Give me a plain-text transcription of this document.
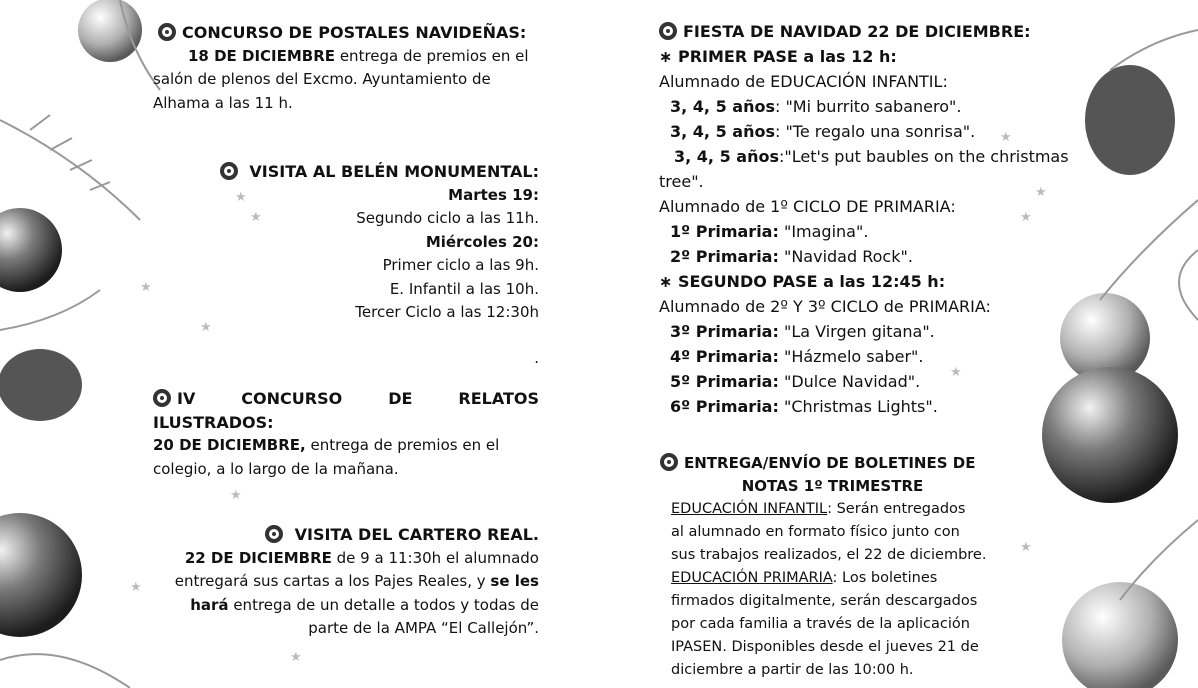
★
★
★
★
★
★
★
★
★
★
★
★
CONCURSO DE POSTALES NAVIDEÑAS:
18 DE DICIEMBRE entrega de premios en el
salón de plenos del Excmo. Ayuntamiento de
Alhama a las 11 h.
VISITA AL BELÉN MONUMENTAL:
Martes 19:
Segundo ciclo a las 11h.
Miércoles 20:
Primer ciclo a las 9h.
E. Infantil a las 10h.
Tercer Ciclo a las 12:30h
.
IV CONCURSO DE RELATOS ILUSTRADOS:
20 DE DICIEMBRE, entrega de premios en el
colegio, a lo largo de la mañana.
VISITA DEL CARTERO REAL.
22 DE DICIEMBRE de 9 a 11:30h el alumnado
entregará sus cartas a los Pajes Reales, y se les
hará entrega de un detalle a todos y todas de
parte de la AMPA “El Callejón”.
FIESTA DE NAVIDAD 22 DE DICIEMBRE:
∗ PRIMER PASE a las 12 h:
Alumnado de EDUCACIÓN INFANTIL:
3, 4, 5 años: "Mi burrito sabanero".
3, 4, 5 años: "Te regalo una sonrisa".
3, 4, 5 años:"Let's put baubles on the christmas
tree".
Alumnado de 1º CICLO DE PRIMARIA:
1º Primaria: "Imagina".
2º Primaria: "Navidad Rock".
∗ SEGUNDO PASE a las 12:45 h:
Alumnado de 2º Y 3º CICLO de PRIMARIA:
3º Primaria: "La Virgen gitana".
4º Primaria: "Házmelo saber".
5º Primaria: "Dulce Navidad".
6º Primaria: "Christmas Lights".
ENTREGA/ENVÍO DE BOLETINES DE
NOTAS 1º TRIMESTRE
EDUCACIÓN INFANTIL: Serán entregados
al alumnado en formato físico junto con
sus trabajos realizados, el 22 de diciembre.
EDUCACIÓN PRIMARIA: Los boletines
firmados digitalmente, serán descargados
por cada familia a través de la aplicación
IPASEN. Disponibles desde el jueves 21 de
diciembre a partir de las 10:00 h.
